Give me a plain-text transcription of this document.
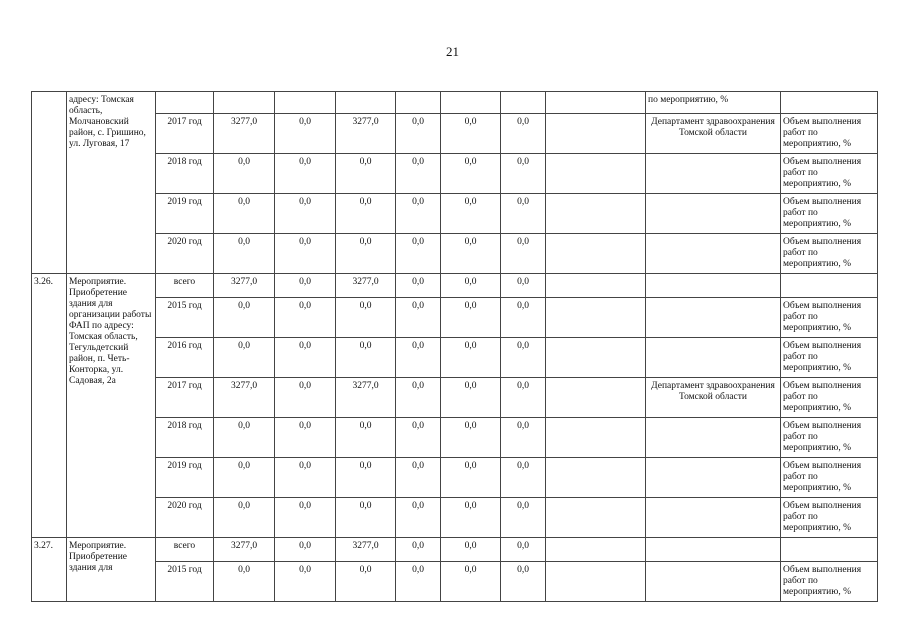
21
	адресу: Томская область, Молчановский район, с. Гришино, ул. Луговая, 17									по мероприятию, %		
		2017 год	3277,0	0,0	3277,0	0,0	0,0	0,0		Департамент здравоохранения Томской области	Объем выполнения работ по мероприятию, %	
		2018 год	0,0	0,0	0,0	0,0	0,0	0,0			Объем выполнения работ по мероприятию, %	
		2019 год	0,0	0,0	0,0	0,0	0,0	0,0			Объем выполнения работ по мероприятию, %	
		2020 год	0,0	0,0	0,0	0,0	0,0	0,0			Объем выполнения работ по мероприятию, %	
3.26.	Мероприятие. Приобретение здания для организации работы ФАП по адресу: Томская область, Тегульдетский район, п. Четь-Конторка, ул. Садовая, 2а	всего	3277,0	0,0	3277,0	0,0	0,0	0,0				
		2015 год	0,0	0,0	0,0	0,0	0,0	0,0			Объем выполнения работ по мероприятию, %	
		2016 год	0,0	0,0	0,0	0,0	0,0	0,0			Объем выполнения работ по мероприятию, %	
		2017 год	3277,0	0,0	3277,0	0,0	0,0	0,0		Департамент здравоохранения Томской области	Объем выполнения работ по мероприятию, %	
		2018 год	0,0	0,0	0,0	0,0	0,0	0,0			Объем выполнения работ по мероприятию, %	
		2019 год	0,0	0,0	0,0	0,0	0,0	0,0			Объем выполнения работ по мероприятию, %	
		2020 год	0,0	0,0	0,0	0,0	0,0	0,0			Объем выполнения работ по мероприятию, %	
3.27.	Мероприятие. Приобретение здания для	всего	3277,0	0,0	3277,0	0,0	0,0	0,0				
		2015 год	0,0	0,0	0,0	0,0	0,0	0,0			Объем выполнения работ по мероприятию, %	
